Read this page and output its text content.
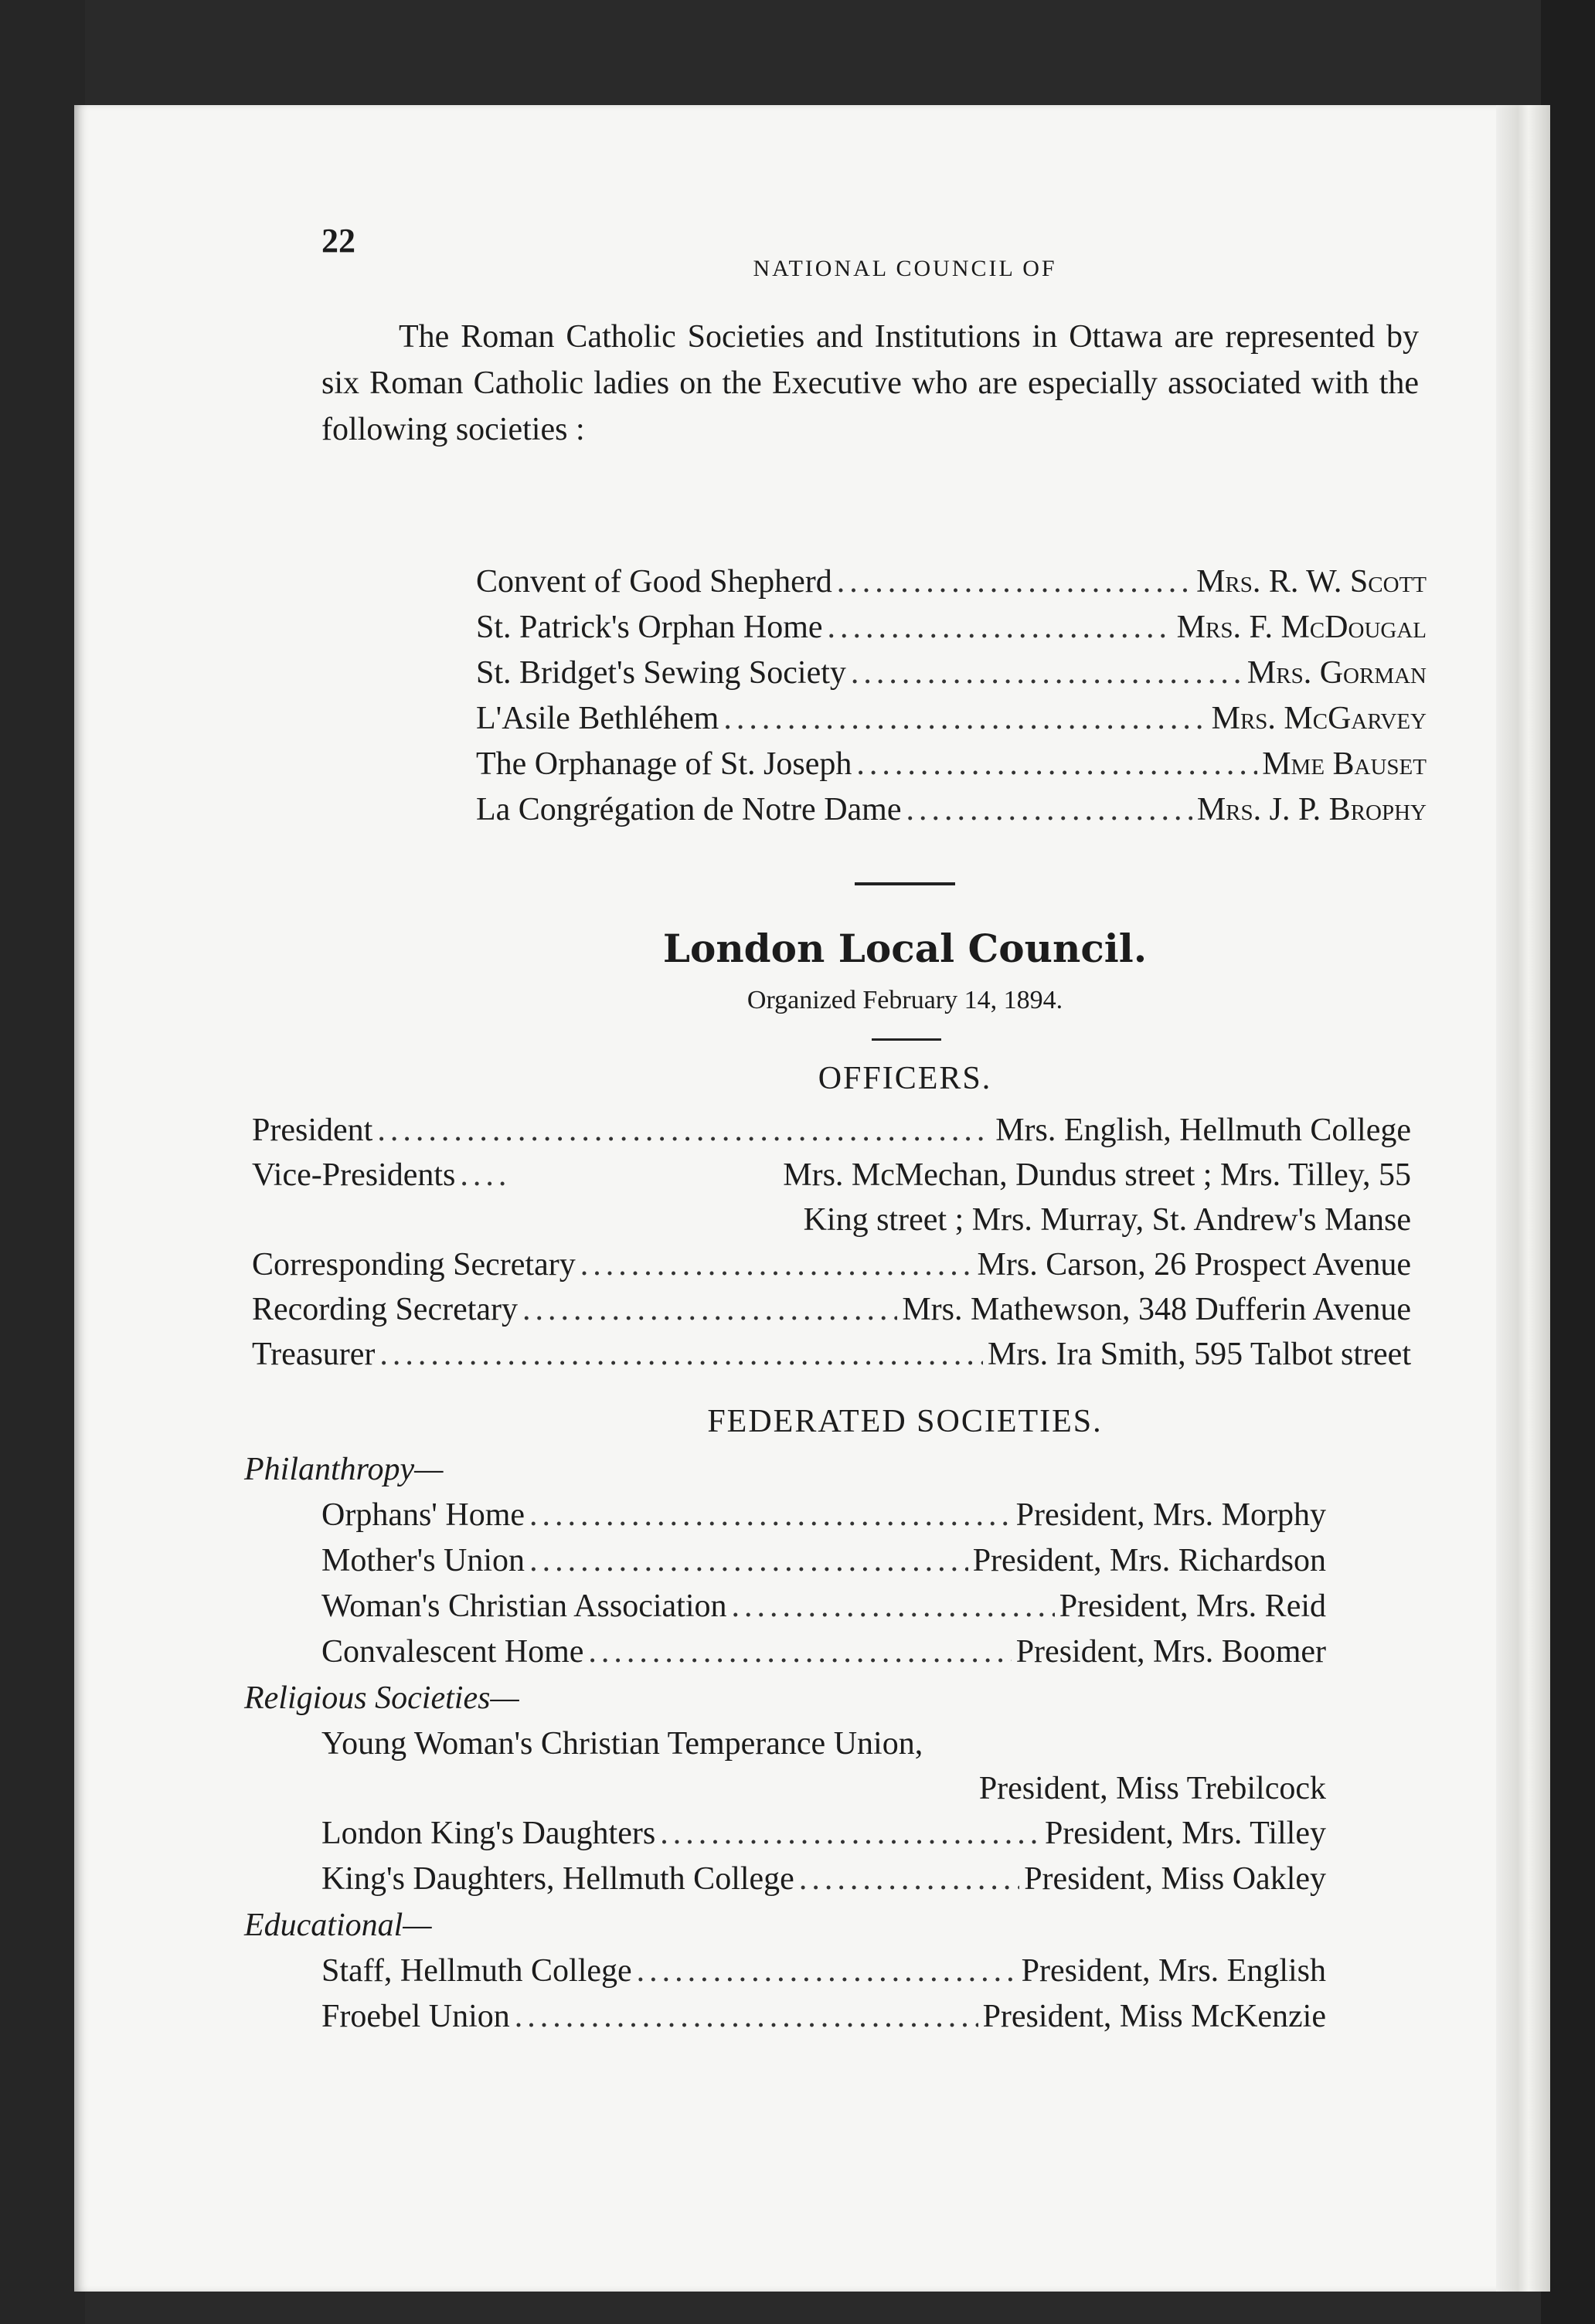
22
NATIONAL COUNCIL OF

The Roman Catholic Societies and Institutions in Ottawa are represented by six Roman Catholic ladies on the Executive who are especially associated with the following societies :

Convent of Good Shepherd .....	Mrs. R. W. Scott
St. Patrick's Orphan Home .....	Mrs. F. McDougal
St. Bridget's Sewing Society .....	Mrs. Gorman
L'Asile Bethléhem .....	Mrs. McGarvey
The Orphanage of St. Joseph .....	Mme Bauset
La Congrégation de Notre Dame .....	Mrs. J. P. Brophy
London Local Council.
Organized February 14, 1894.
OFFICERS.
President .....	Mrs. English, Hellmuth College
Vice-Presidents .....	Mrs. McMechan, Dundus street ; Mrs. Tilley, 55
King street ; Mrs. Murray, St. Andrew's Manse
Corresponding Secretary .....	Mrs. Carson, 26 Prospect Avenue
Recording Secretary .....	Mrs. Mathewson, 348 Dufferin Avenue
Treasurer .....	Mrs. Ira Smith, 595 Talbot street
FEDERATED SOCIETIES.
Philanthropy—
Orphans' Home .....	President, Mrs. Morphy
Mother's Union .....	President, Mrs. Richardson
Woman's Christian Association .....	President, Mrs. Reid
Convalescent Home .....	President, Mrs. Boomer
Religious Societies—
Young Woman's Christian Temperance Union,
President, Miss Trebilcock
London King's Daughters .....	President, Mrs. Tilley
King's Daughters, Hellmuth College .....	President, Miss Oakley
Educational—
Staff, Hellmuth College .....	President, Mrs. English
Froebel Union .....	President, Miss McKenzie
